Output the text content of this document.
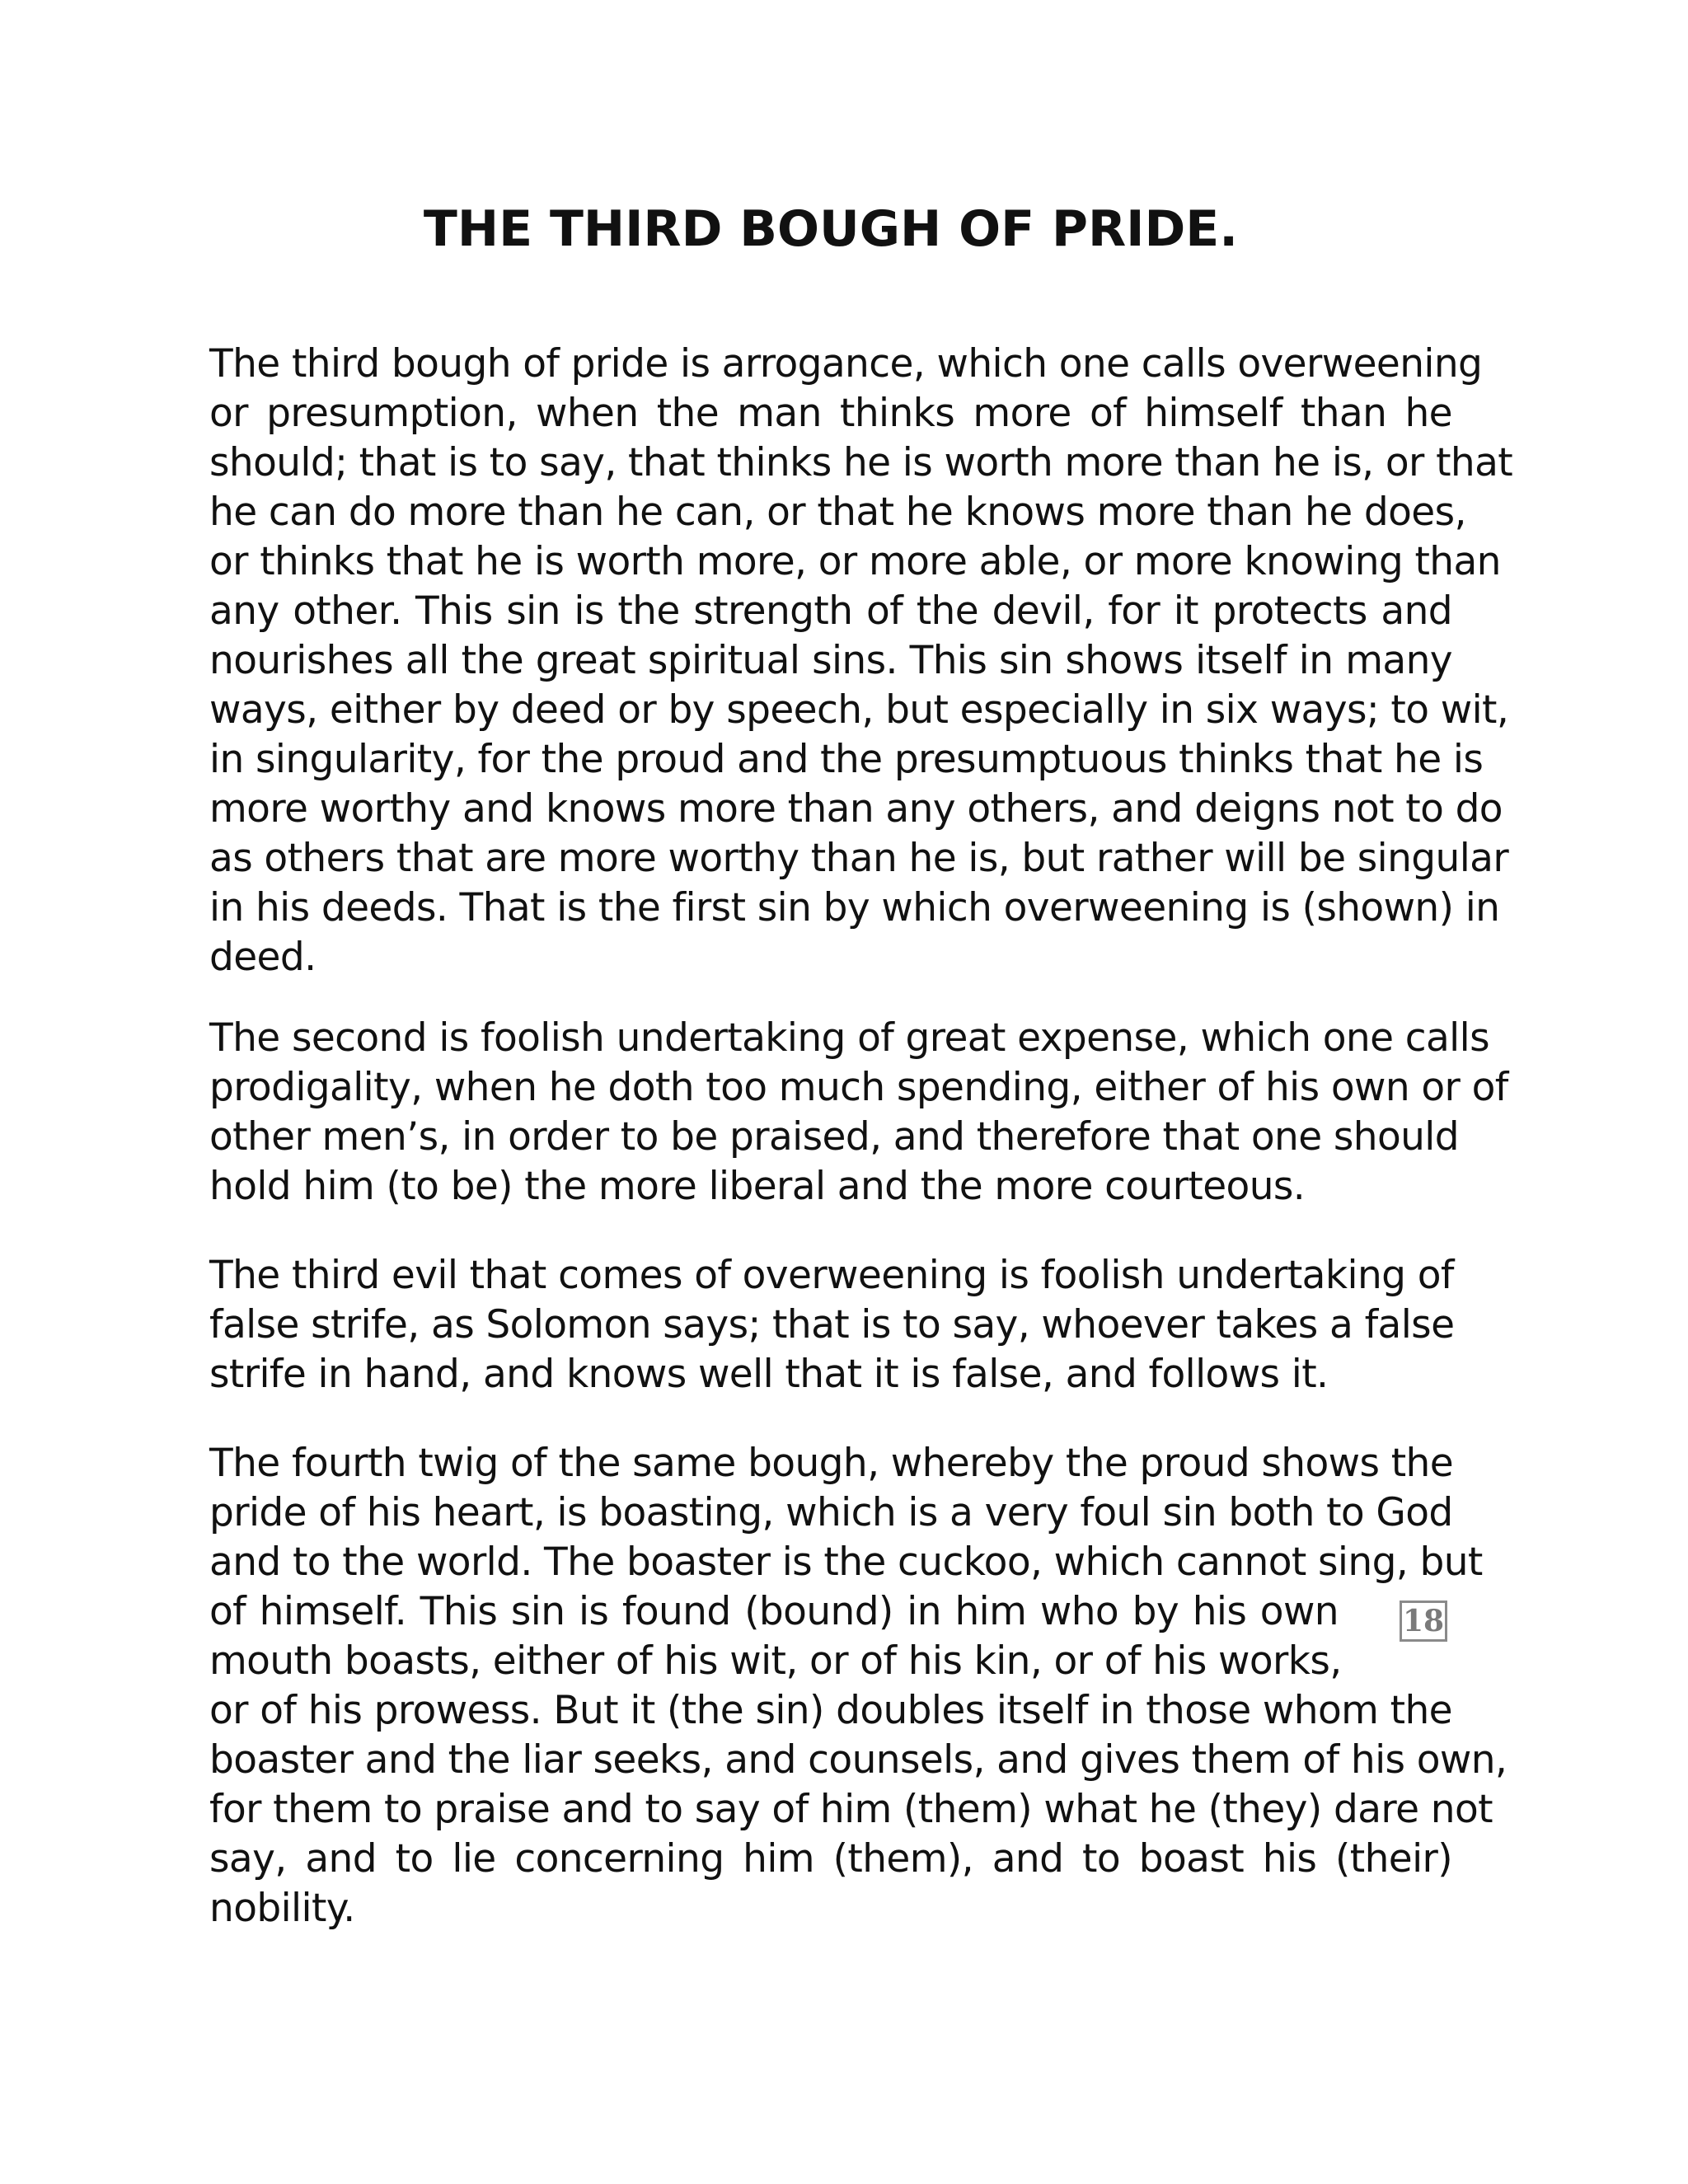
THE THIRD BOUGH OF PRIDE.
The third bough of pride is arrogance, which one calls overweening
or presumption, when the man thinks more of himself than he
should; that is to say, that thinks he is worth more than he is, or that
he can do more than he can, or that he knows more than he does,
or thinks that he is worth more, or more able, or more knowing than
any other. This sin is the strength of the devil, for it protects and
nourishes all the great spiritual sins. This sin shows itself in many
ways, either by deed or by speech, but especially in six ways; to wit,
in singularity, for the proud and the presumptuous thinks that he is
more worthy and knows more than any others, and deigns not to do
as others that are more worthy than he is, but rather will be singular
in his deeds. That is the first sin by which overweening is (shown) in
deed.
The second is foolish undertaking of great expense, which one calls
prodigality, when he doth too much spending, either of his own or of
other men’s, in order to be praised, and therefore that one should
hold him (to be) the more liberal and the more courteous.
The third evil that comes of overweening is foolish undertaking of
false strife, as Solomon says; that is to say, whoever takes a false
strife in hand, and knows well that it is false, and follows it.
The fourth twig of the same bough, whereby the proud shows the
pride of his heart, is boasting, which is a very foul sin both to God
and to the world. The boaster is the cuckoo, which cannot sing, but
of himself. This sin is found (bound) in him who by his own
mouth boasts, either of his wit, or of his kin, or of his works,
or of his prowess. But it (the sin) doubles itself in those whom the
boaster and the liar seeks, and counsels, and gives them of his own,
for them to praise and to say of him (them) what he (they) dare not
say, and to lie concerning him (them), and to boast his (their)
nobility.
18
